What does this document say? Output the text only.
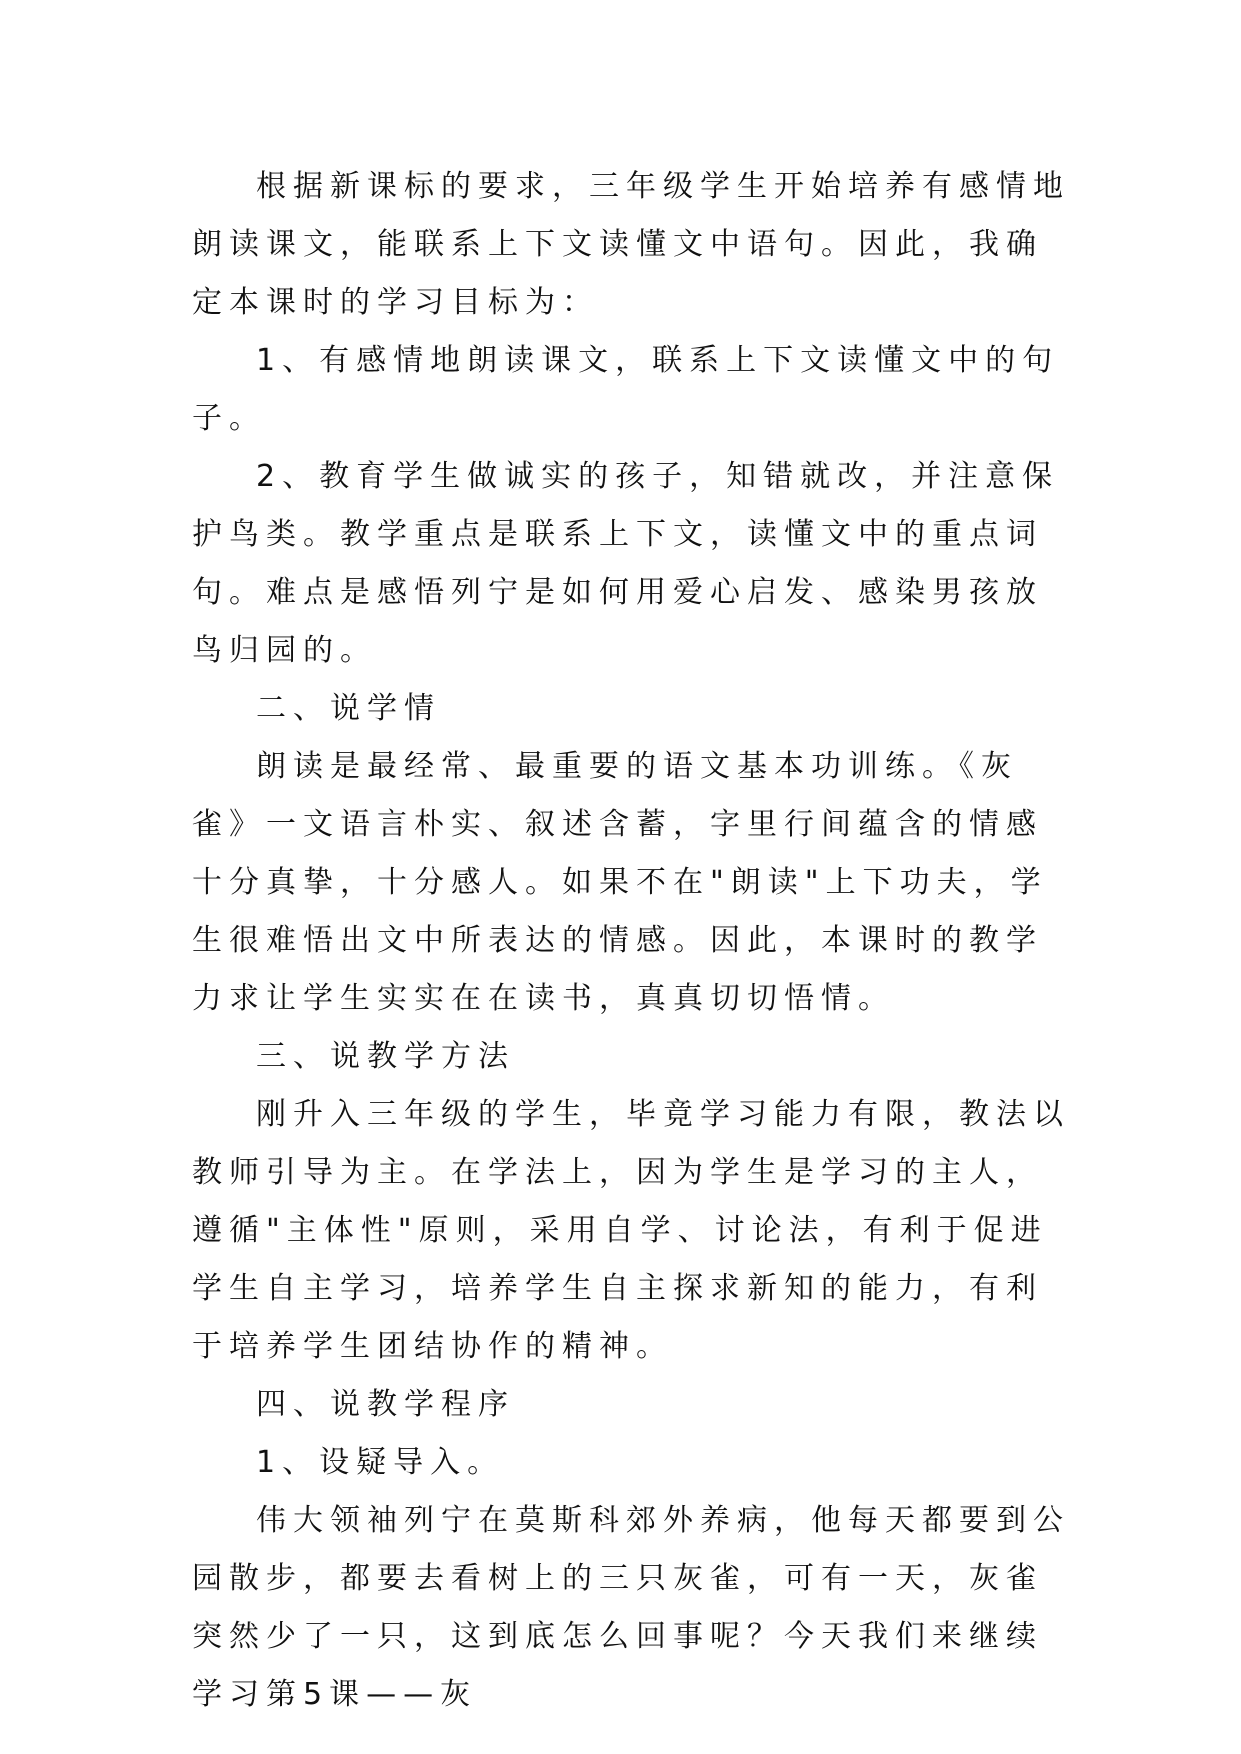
根据新课标的要求，三年级学生开始培养有感情地朗读课文，能联系上下文读懂文中语句。因此，我确定本课时的学习目标为：

1、有感情地朗读课文，联系上下文读懂文中的句子。

2、教育学生做诚实的孩子，知错就改，并注意保护鸟类。教学重点是联系上下文，读懂文中的重点词句。难点是感悟列宁是如何用爱心启发、感染男孩放鸟归园的。

二、说学情

朗读是最经常、最重要的语文基本功训练。《灰雀》一文语言朴实、叙述含蓄，字里行间蕴含的情感十分真挚，十分感人。如果不在"朗读"上下功夫，学生很难悟出文中所表达的情感。因此，本课时的教学力求让学生实实在在读书，真真切切悟情。

三、说教学方法

刚升入三年级的学生，毕竟学习能力有限，教法以教师引导为主。在学法上，因为学生是学习的主人，遵循"主体性"原则，采用自学、讨论法，有利于促进学生自主学习，培养学生自主探求新知的能力，有利于培养学生团结协作的精神。

四、说教学程序

1、设疑导入。

伟大领袖列宁在莫斯科郊外养病，他每天都要到公园散步，都要去看树上的三只灰雀，可有一天，灰雀突然少了一只，这到底怎么回事呢？今天我们来继续学习第5课——灰
